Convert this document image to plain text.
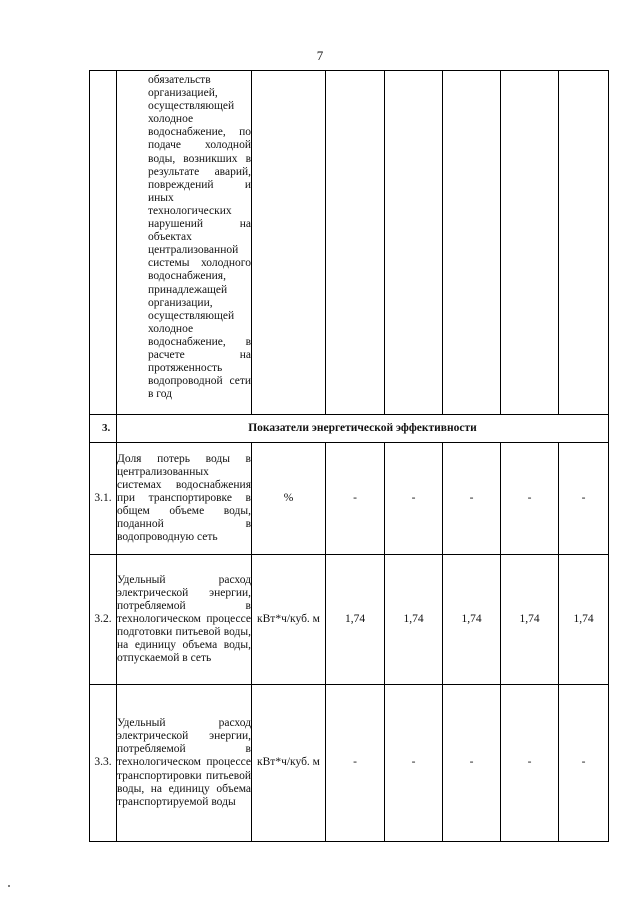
7

	обязательств организацией, осуществляющей холодное водоснабжение, по подаче холодной воды, возникших в результате аварий, повреждений и иных технологических нарушений на объектах централизованной системы холодного водоснабжения, принадлежащей организации, осуществляющей холодное водоснабжение, в расчете на протяженность водопроводной сети в год						

3.	Показатели энергетической эффективности						
3.1.	Доля потерь воды в централизованных системах водоснабжения при транспортировке в общем объеме воды, поданной в водопроводную сеть	%	-	-	-	-	-
3.2.	Удельный расход электрической энергии, потребляемой в технологическом процессе подготовки питьевой воды, на единицу объема воды, отпускаемой в сеть	кВт*ч/куб. м	1,74	1,74	1,74	1,74	1,74
3.3.	Удельный расход электрической энергии, потребляемой в технологическом процессе транспортировки питьевой воды, на единицу объема транспортируемой воды	кВт*ч/куб. м	-	-	-	-	-
